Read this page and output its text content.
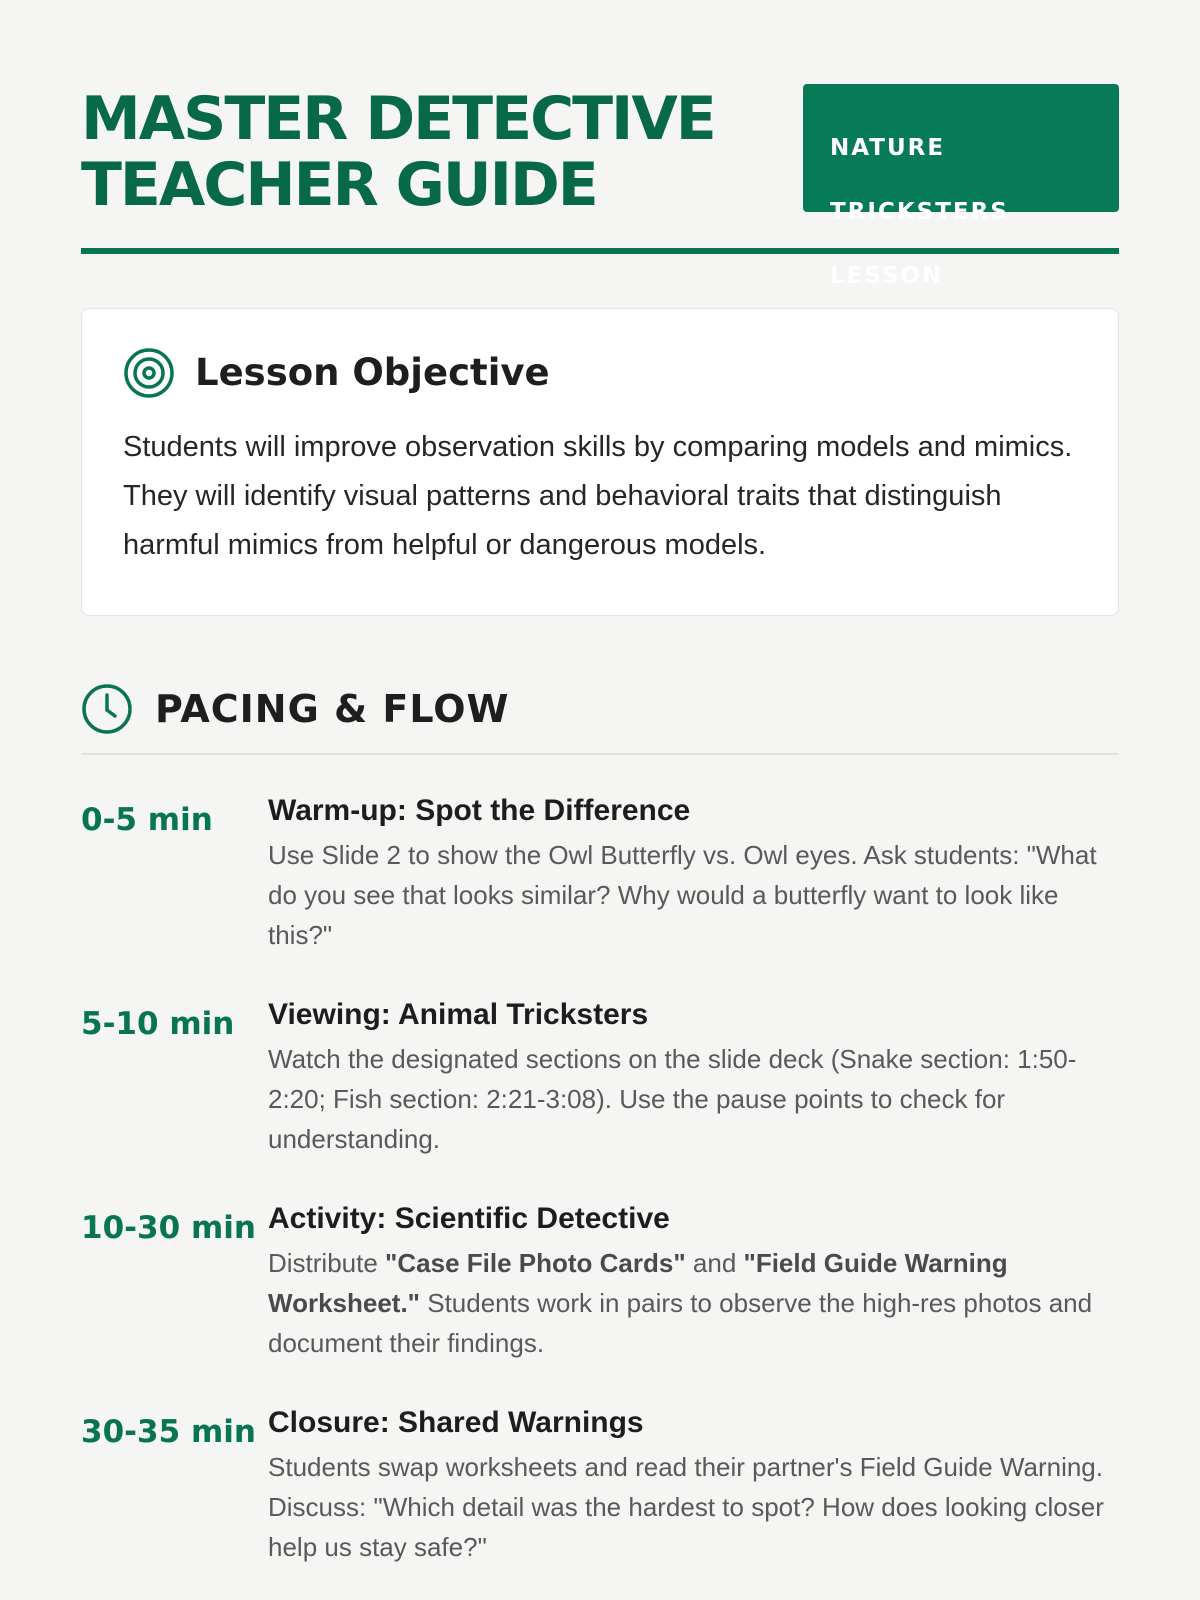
MASTER DETECTIVE
TEACHER GUIDE

NATURE

TRICKSTERS

LESSON

Lesson Objective

Students will improve observation skills by comparing models and mimics. They will identify visual patterns and behavioral traits that distinguish harmful mimics from helpful or dangerous models.

PACING & FLOW
0-5 min	Warm-up: Spot the Difference

Use Slide 2 to show the Owl Butterfly vs. Owl eyes. Ask students: "What do you see that looks similar? Why would a butterfly want to look like this?"

5-10 min	Viewing: Animal Tricksters

Watch the designated sections on the slide deck (Snake section: 1:50-2:20; Fish section: 2:21-3:08). Use the pause points to check for understanding.

10-30 min Activity: Scientific Detective

Distribute "Case File Photo Cards" and "Field Guide Warning Worksheet." Students work in pairs to observe the high-res photos and document their findings.

30-35 min Closure: Shared Warnings

Students swap worksheets and read their partner's Field Guide Warning. Discuss: "Which detail was the hardest to spot? How does looking closer help us stay safe?"
